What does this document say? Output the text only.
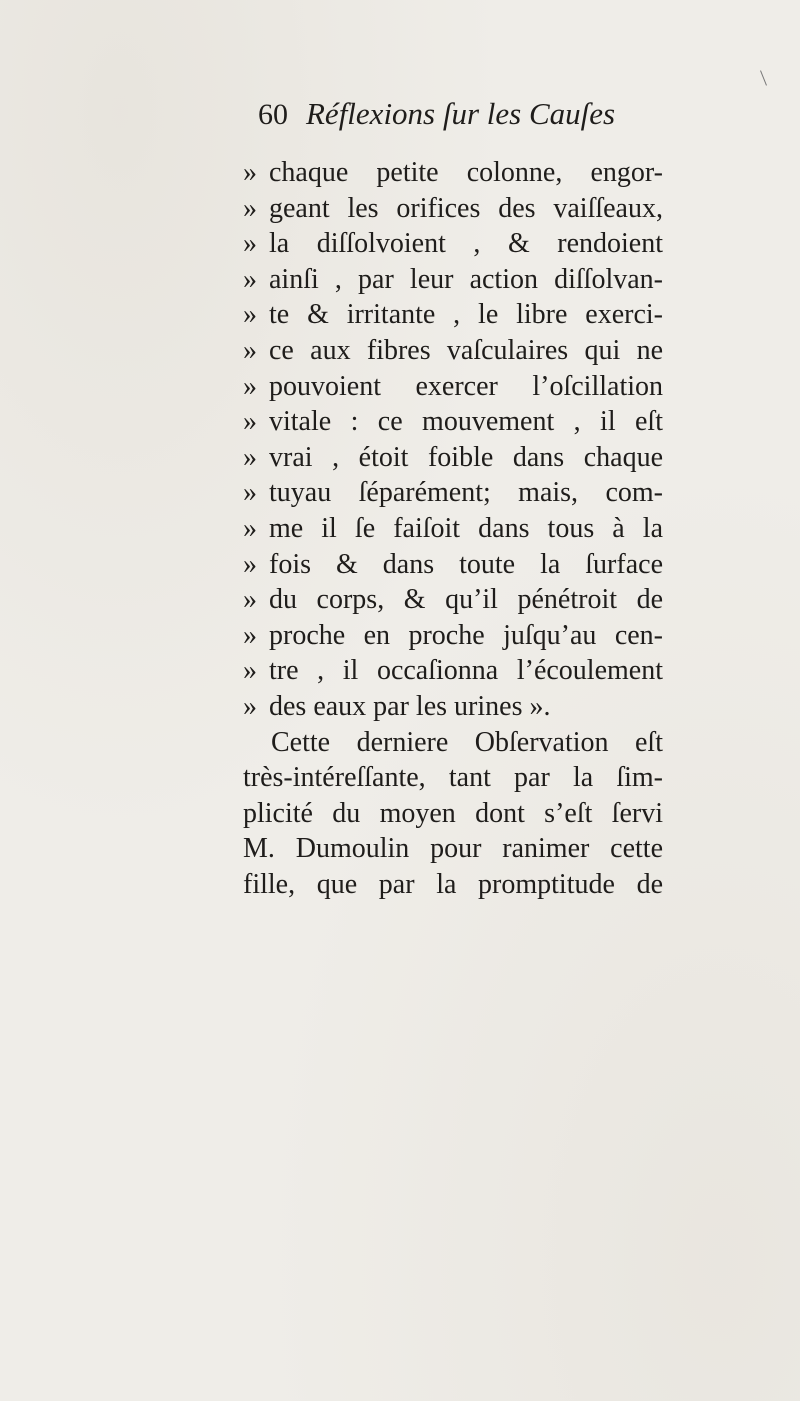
60 Réflexions ſur les Cauſes
» chaque petite colonne, engor-
» geant les orifices des vaiſſeaux,
» la diſſolvoient , & rendoient
» ainſi , par leur action diſſolvan-
» te & irritante , le libre exerci-
» ce aux fibres vaſculaires qui ne
» pouvoient exercer l’oſcillation
» vitale : ce mouvement , il eſt
» vrai , étoit foible dans chaque
» tuyau ſéparément; mais, com-
» me il ſe faiſoit dans tous à la
» fois & dans toute la ſurface
» du corps, & qu’il pénétroit de
» proche en proche juſqu’au cen-
» tre , il occaſionna l’écoulement
» des eaux par les urines ».
Cette derniere Obſervation eſt
très-intéreſſante, tant par la ſim-
plicité du moyen dont s’eſt ſervi
M. Dumoulin pour ranimer cette
fille, que par la promptitude de
